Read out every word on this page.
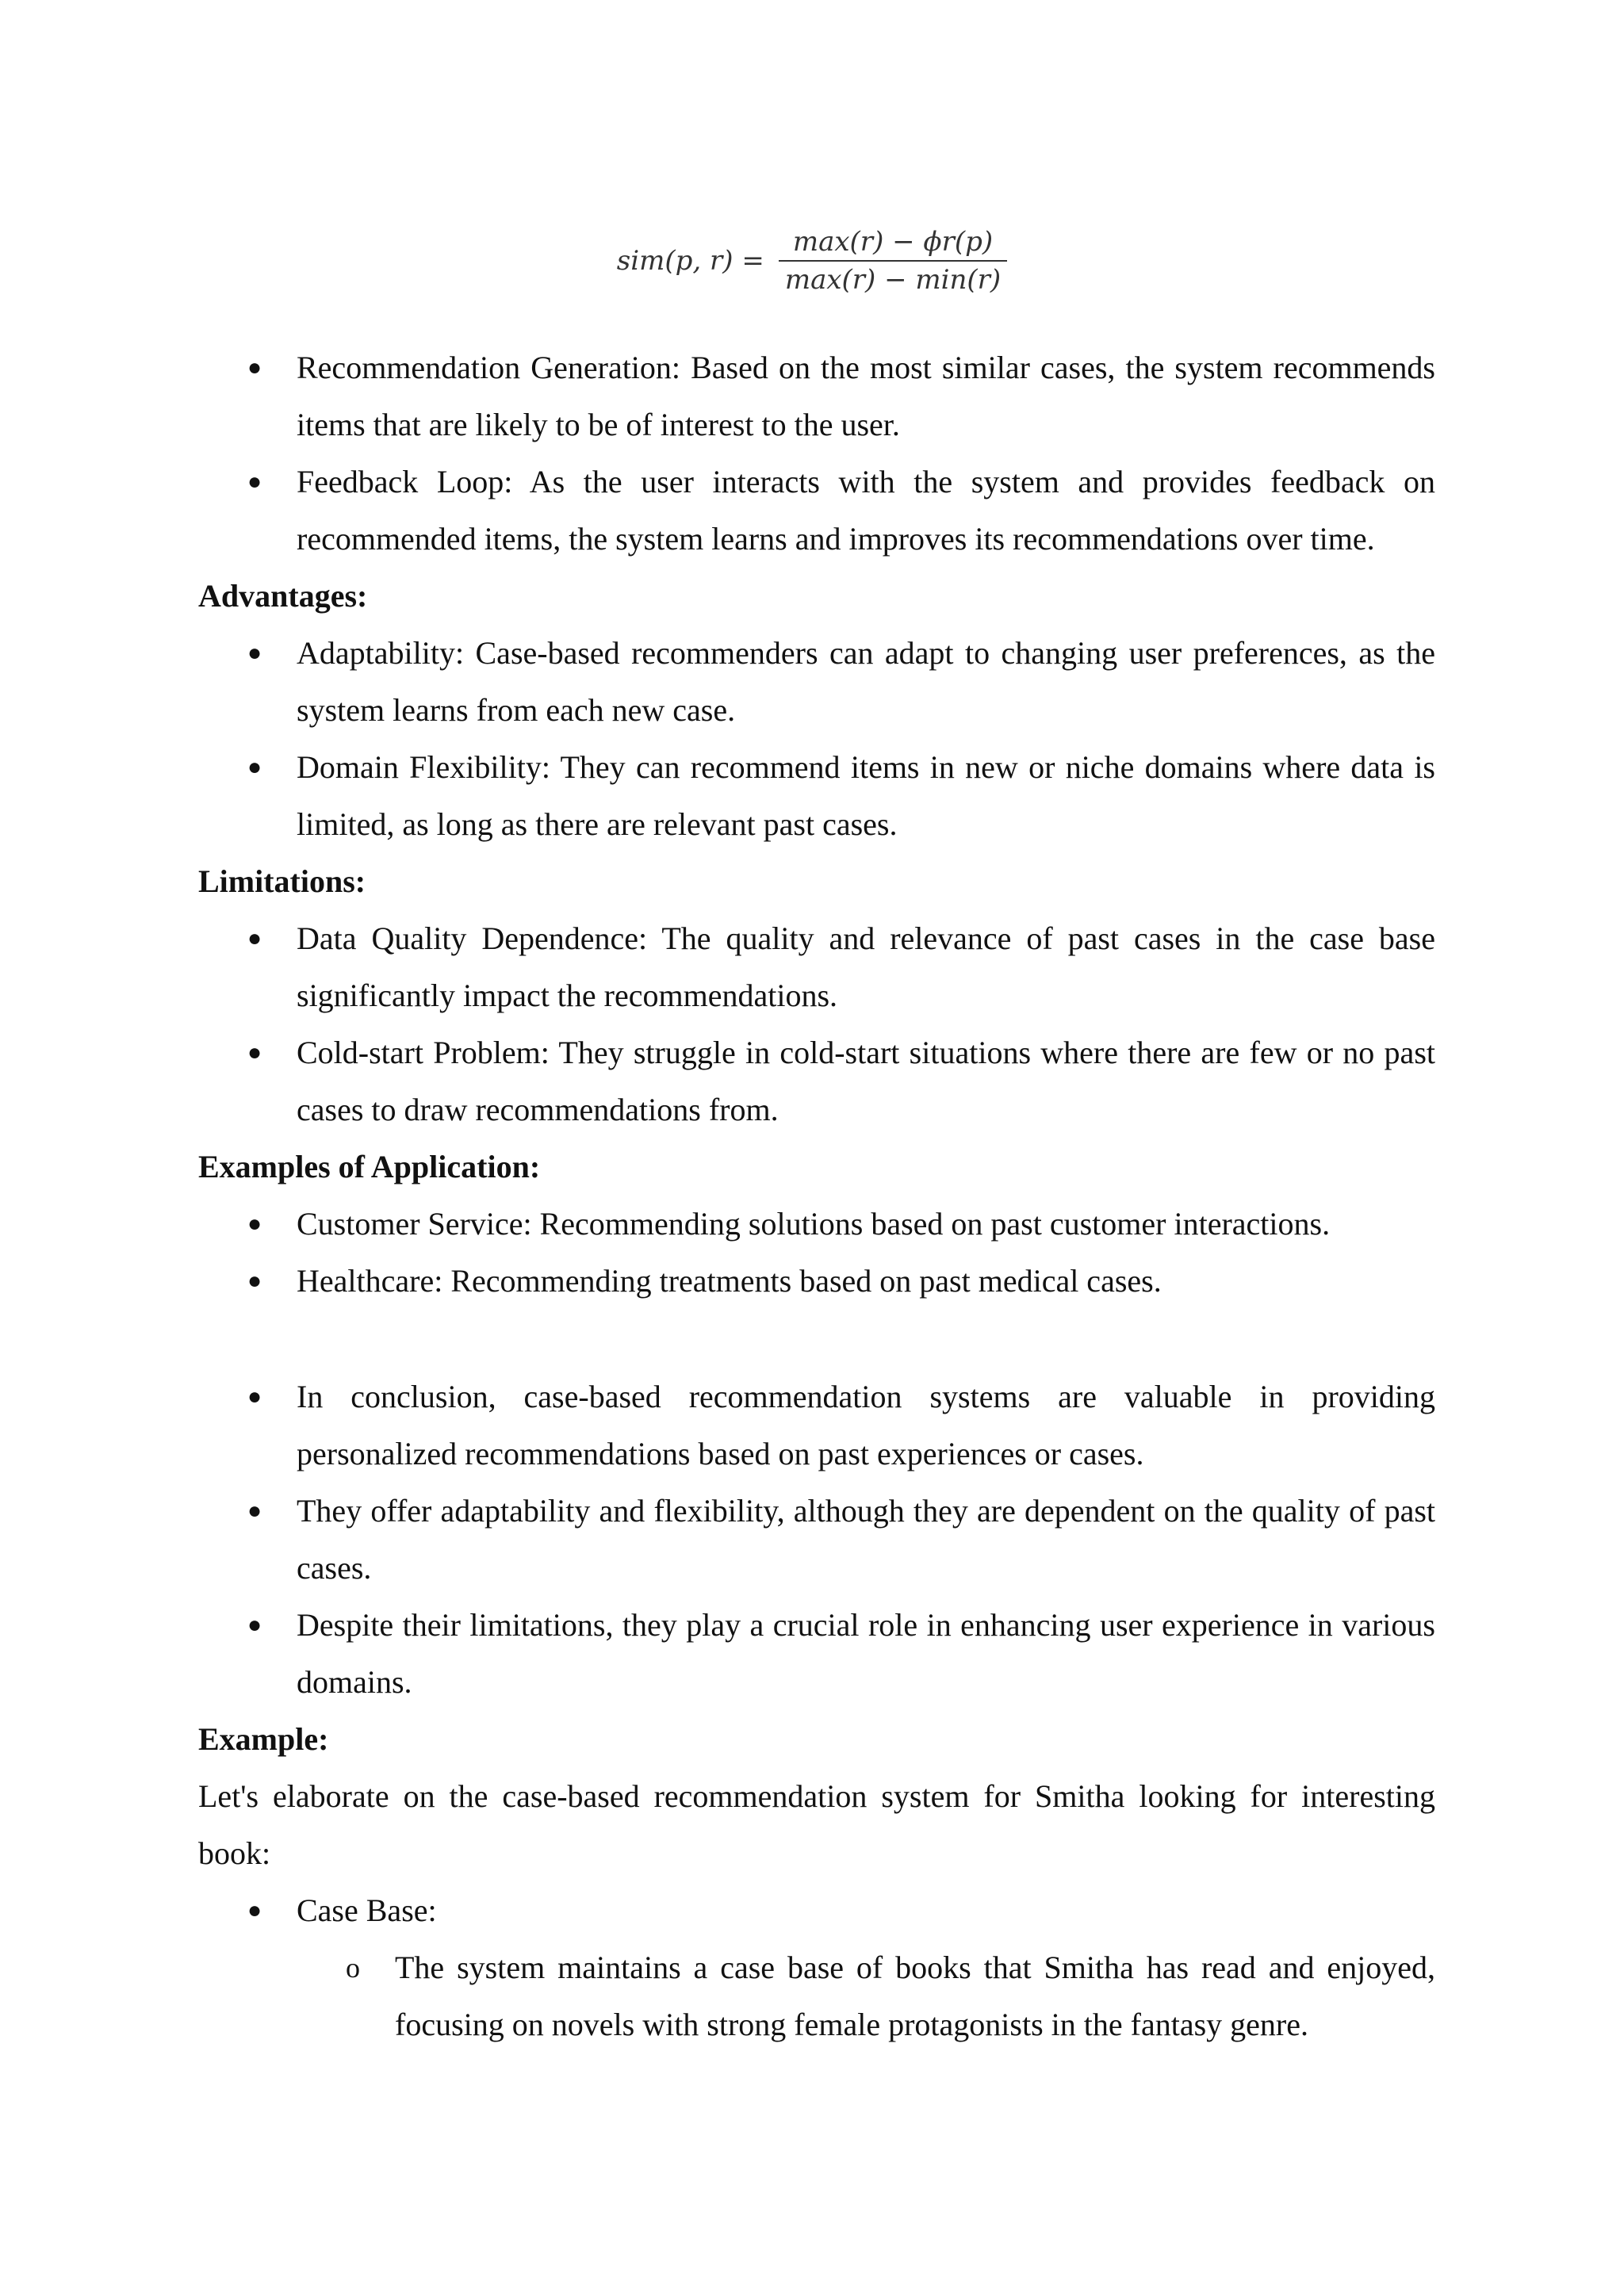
sim(p, $r) = \frac{\max(r) - \phi r(p)}{\max(r) - \min(r)}$

● Recommendation Generation: Based on the most similar cases, the system recommends items that are likely to be of interest to the user.

● Feedback Loop: As the user interacts with the system and provides feedback on recommended items, the system learns and improves its recommendations over time.

Advantages:

● Adaptability: Case-based recommenders can adapt to changing user preferences, as the system learns from each new case.

● Domain Flexibility: They can recommend items in new or niche domains where data is limited, as long as there are relevant past cases.

Limitations:

● Data Quality Dependence: The quality and relevance of past cases in the case base significantly impact the recommendations.

● Cold-start Problem: They struggle in cold-start situations where there are few or no past cases to draw recommendations from.

Examples of Application:

● Customer Service: Recommending solutions based on past customer interactions.

● Healthcare: Recommending treatments based on past medical cases.

● In conclusion, case-based recommendation systems are valuable in providing personalized recommendations based on past experiences or cases.

● They offer adaptability and flexibility, although they are dependent on the quality of past cases.

● Despite their limitations, they play a crucial role in enhancing user experience in various domains.

Example:

Let's elaborate on the case-based recommendation system for Smitha looking for interesting book:

● Case Base:

o The system maintains a case base of books that Smitha has read and enjoyed, focusing on novels with strong female protagonists in the fantasy genre.
